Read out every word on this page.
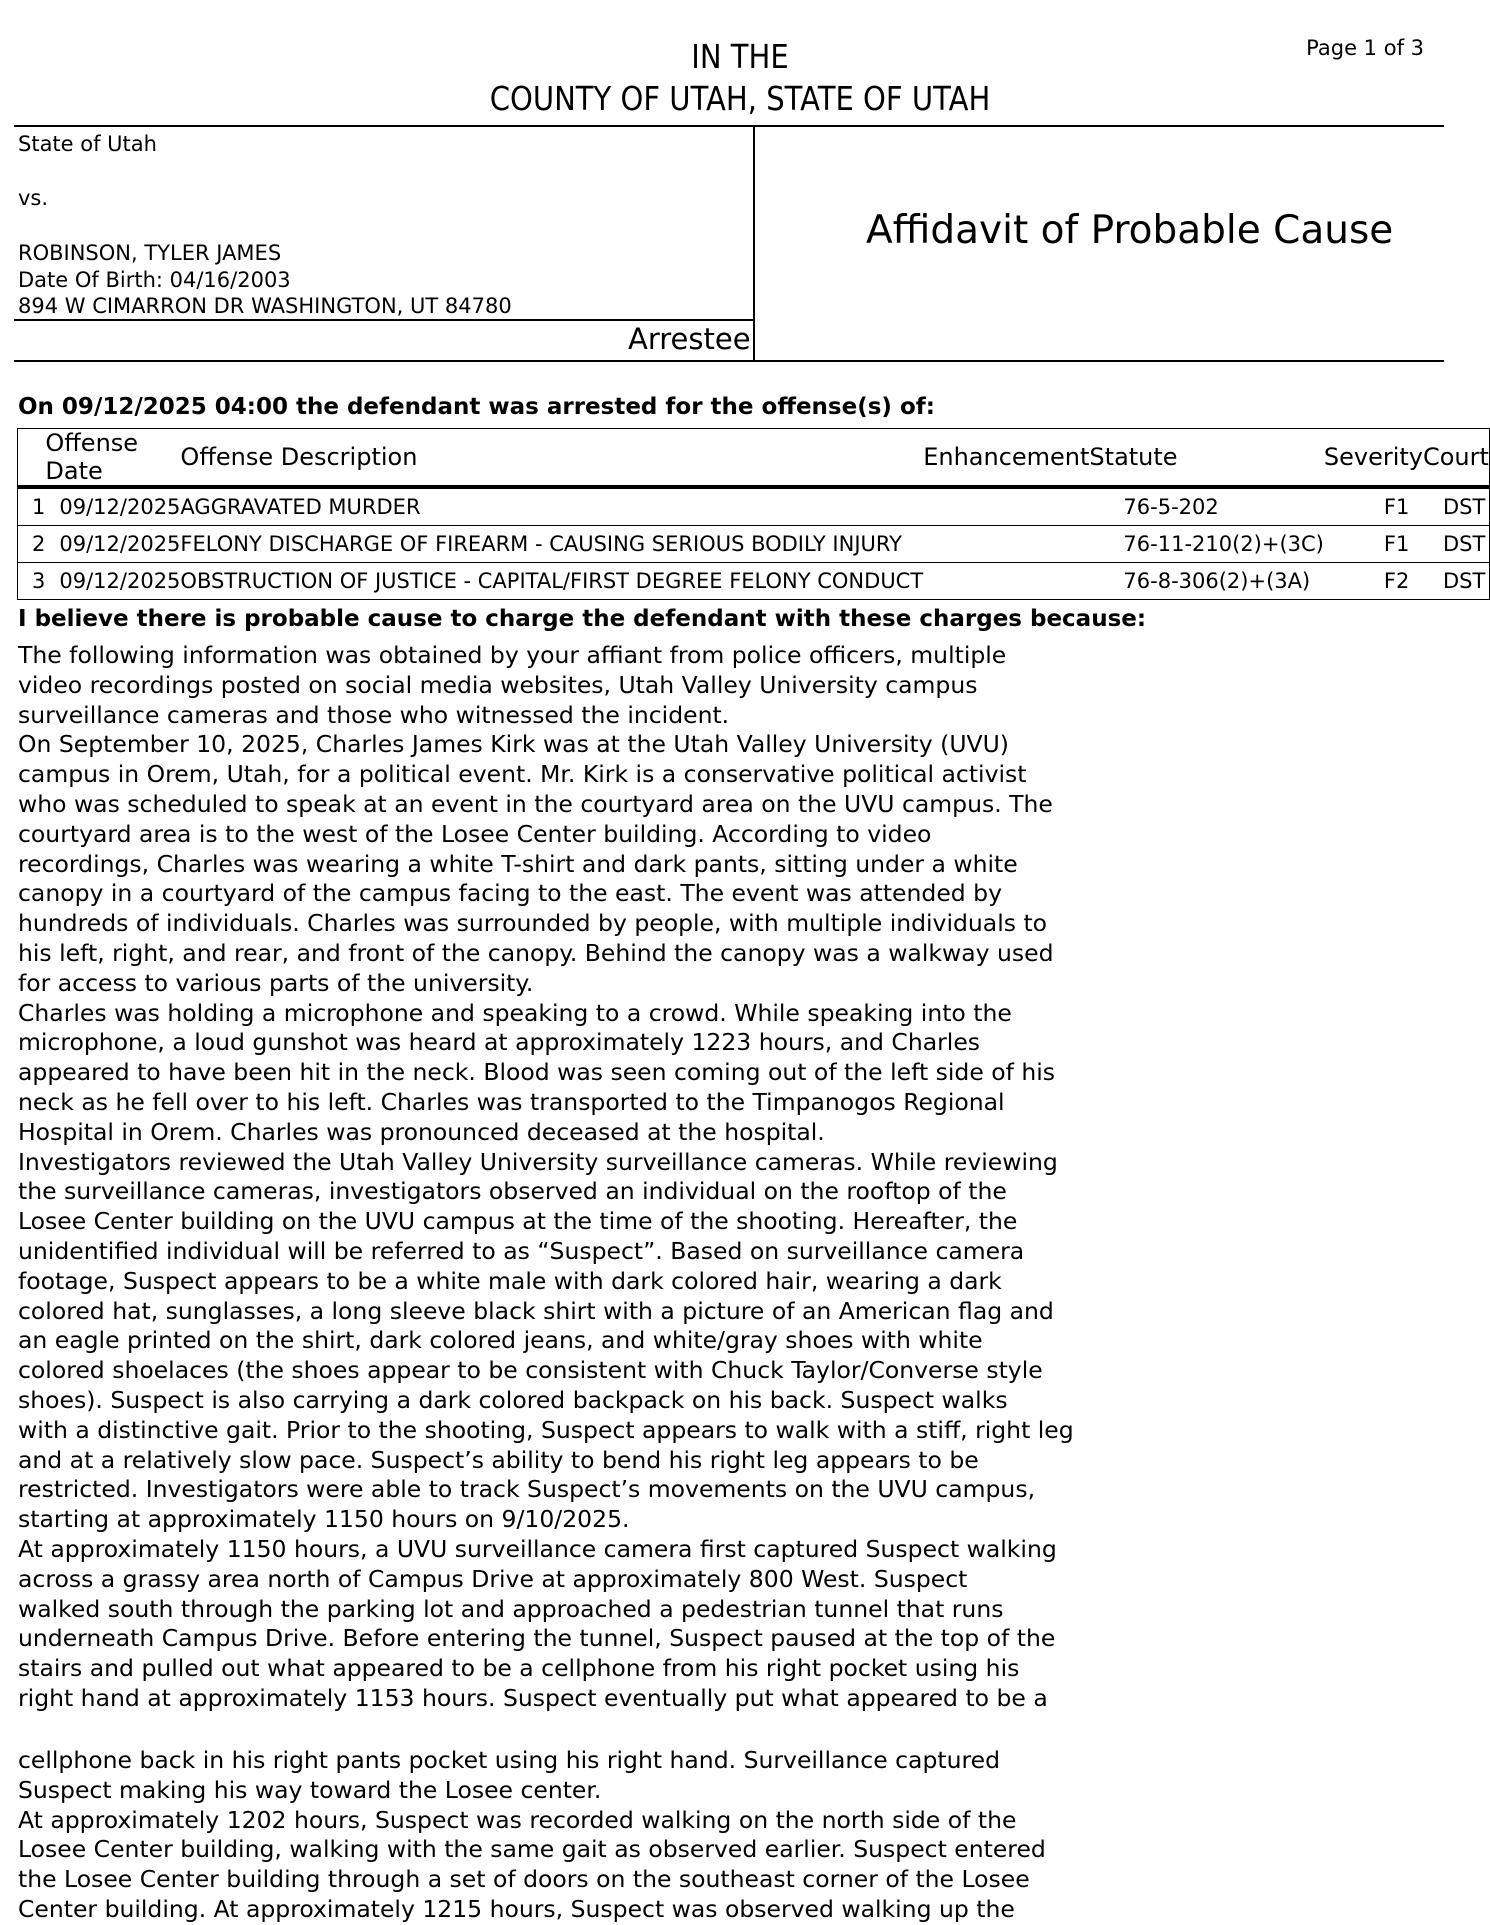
IN THE
COUNTY OF UTAH, STATE OF UTAH
Page 1 of 3
State of Utah
vs.
ROBINSON, TYLER JAMES
Date Of Birth: 04/16/2003
894 W CIMARRON DR WASHINGTON, UT 84780
Arrestee
Affidavit of Probable Cause
On 09/12/2025 04:00 the defendant was arrested for the offense(s) of:
	Offense Date	Offense Description	Enhancement	Statute	Severity	Court
1	09/12/2025	AGGRAVATED MURDER		76-5-202	F1	DST
2	09/12/2025	FELONY DISCHARGE OF FIREARM - CAUSING SERIOUS BODILY INJURY		76-11-210(2)+(3C)	F1	DST
3	09/12/2025	OBSTRUCTION OF JUSTICE - CAPITAL/FIRST DEGREE FELONY CONDUCT		76-8-306(2)+(3A)	F2	DST
I believe there is probable cause to charge the defendant with these charges because:
The following information was obtained by your affiant from police officers, multiple
video recordings posted on social media websites, Utah Valley University campus
surveillance cameras and those who witnessed the incident.
On September 10, 2025, Charles James Kirk was at the Utah Valley University (UVU)
campus in Orem, Utah, for a political event. Mr. Kirk is a conservative political activist
who was scheduled to speak at an event in the courtyard area on the UVU campus. The
courtyard area is to the west of the Losee Center building. According to video
recordings, Charles was wearing a white T-shirt and dark pants, sitting under a white
canopy in a courtyard of the campus facing to the east. The event was attended by
hundreds of individuals. Charles was surrounded by people, with multiple individuals to
his left, right, and rear, and front of the canopy. Behind the canopy was a walkway used
for access to various parts of the university.
Charles was holding a microphone and speaking to a crowd. While speaking into the
microphone, a loud gunshot was heard at approximately 1223 hours, and Charles
appeared to have been hit in the neck. Blood was seen coming out of the left side of his
neck as he fell over to his left. Charles was transported to the Timpanogos Regional
Hospital in Orem. Charles was pronounced deceased at the hospital.
Investigators reviewed the Utah Valley University surveillance cameras. While reviewing
the surveillance cameras, investigators observed an individual on the rooftop of the
Losee Center building on the UVU campus at the time of the shooting. Hereafter, the
unidentified individual will be referred to as “Suspect”. Based on surveillance camera
footage, Suspect appears to be a white male with dark colored hair, wearing a dark
colored hat, sunglasses, a long sleeve black shirt with a picture of an American flag and
an eagle printed on the shirt, dark colored jeans, and white/gray shoes with white
colored shoelaces (the shoes appear to be consistent with Chuck Taylor/Converse style
shoes). Suspect is also carrying a dark colored backpack on his back. Suspect walks
with a distinctive gait. Prior to the shooting, Suspect appears to walk with a stiff, right leg
and at a relatively slow pace. Suspect’s ability to bend his right leg appears to be
restricted. Investigators were able to track Suspect’s movements on the UVU campus,
starting at approximately 1150 hours on 9/10/2025.
At approximately 1150 hours, a UVU surveillance camera first captured Suspect walking
across a grassy area north of Campus Drive at approximately 800 West. Suspect
walked south through the parking lot and approached a pedestrian tunnel that runs
underneath Campus Drive. Before entering the tunnel, Suspect paused at the top of the
stairs and pulled out what appeared to be a cellphone from his right pocket using his
right hand at approximately 1153 hours. Suspect eventually put what appeared to be a
cellphone back in his right pants pocket using his right hand. Surveillance captured
Suspect making his way toward the Losee center.
At approximately 1202 hours, Suspect was recorded walking on the north side of the
Losee Center building, walking with the same gait as observed earlier. Suspect entered
the Losee Center building through a set of doors on the southeast corner of the Losee
Center building. At approximately 1215 hours, Suspect was observed walking up the
